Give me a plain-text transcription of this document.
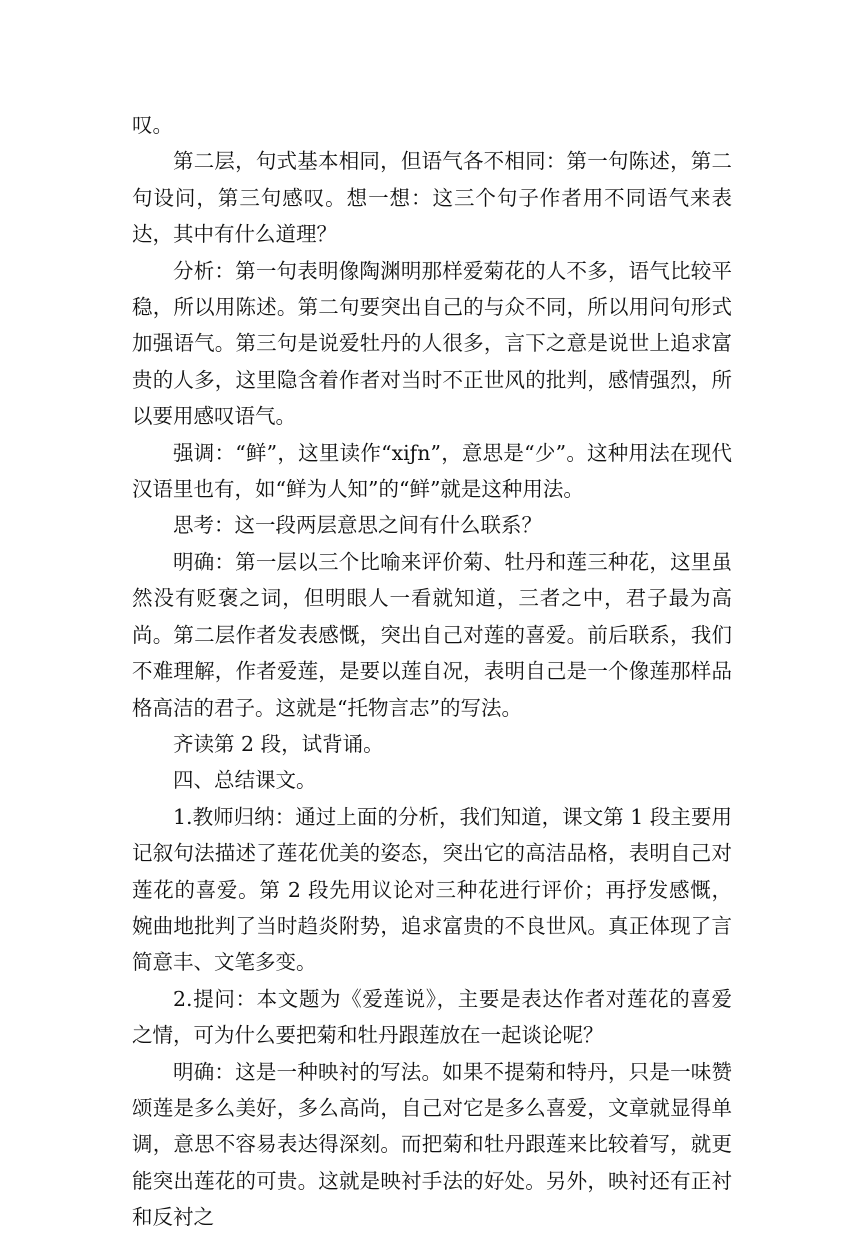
叹。

第二层，句式基本相同，但语气各不相同：第一句陈述，第二句设问，第三句感叹。想一想：这三个句子作者用不同语气来表达，其中有什么道理？

分析：第一句表明像陶渊明那样爱菊花的人不多，语气比较平稳，所以用陈述。第二句要突出自己的与众不同，所以用问句形式加强语气。第三句是说爱牡丹的人很多，言下之意是说世上追求富贵的人多，这里隐含着作者对当时不正世风的批判，感情强烈，所以要用感叹语气。

强调：“鲜”，这里读作“xiƒn”，意思是“少”。这种用法在现代汉语里也有，如“鲜为人知”的“鲜”就是这种用法。

思考：这一段两层意思之间有什么联系？

明确：第一层以三个比喻来评价菊、牡丹和莲三种花，这里虽然没有贬褒之词，但明眼人一看就知道，三者之中，君子最为高尚。第二层作者发表感慨，突出自己对莲的喜爱。前后联系，我们不难理解，作者爱莲，是要以莲自况，表明自己是一个像莲那样品格高洁的君子。这就是“托物言志”的写法。

齐读第 2 段，试背诵。

四、总结课文。

1.教师归纳：通过上面的分析，我们知道，课文第 1 段主要用记叙句法描述了莲花优美的姿态，突出它的高洁品格，表明自己对莲花的喜爱。第 2 段先用议论对三种花进行评价；再抒发感慨，婉曲地批判了当时趋炎附势，追求富贵的不良世风。真正体现了言简意丰、文笔多变。

2.提问：本文题为《爱莲说》，主要是表达作者对莲花的喜爱之情，可为什么要把菊和牡丹跟莲放在一起谈论呢？

明确：这是一种映衬的写法。如果不提菊和特丹，只是一味赞颂莲是多么美好，多么高尚，自己对它是多么喜爱，文章就显得单调，意思不容易表达得深刻。而把菊和牡丹跟莲来比较着写，就更能突出莲花的可贵。这就是映衬手法的好处。另外，映衬还有正衬和反衬之
